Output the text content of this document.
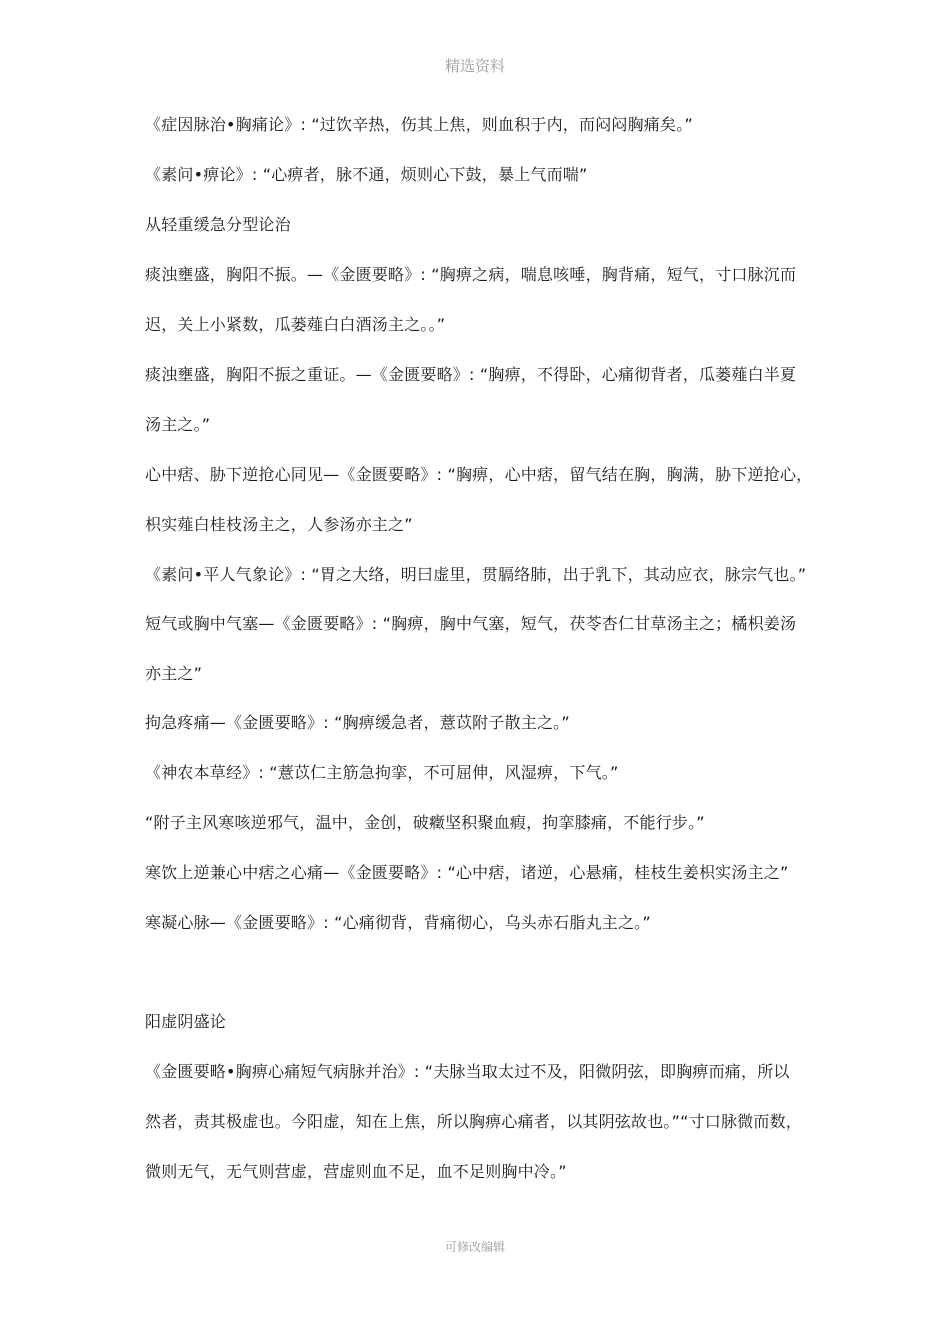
精选资料
《症因脉治•胸痛论》: “过饮辛热，伤其上焦，则血积于内，而闷闷胸痛矣。”
《素问•痹论》: “心痹者，脉不通，烦则心下鼓，暴上气而喘”
从轻重缓急分型论治
痰浊壅盛，胸阳不振。—《金匮要略》: “胸痹之病，喘息咳唾，胸背痛，短气，寸口脉沉而
迟，关上小紧数，瓜蒌薤白白酒汤主之。。”
痰浊壅盛，胸阳不振之重证。—《金匮要略》: “胸痹，不得卧，心痛彻背者，瓜蒌薤白半夏
汤主之。”
心中痞、胁下逆抢心同见—《金匮要略》: “胸痹，心中痞，留气结在胸，胸满，胁下逆抢心，
枳实薤白桂枝汤主之，人参汤亦主之”
《素问•平人气象论》: “胃之大络，明曰虚里，贯膈络肺，出于乳下，其动应衣，脉宗气也。”
短气或胸中气塞—《金匮要略》: “胸痹，胸中气塞，短气，茯苓杏仁甘草汤主之；橘枳姜汤
亦主之”
拘急疼痛—《金匮要略》: “胸痹缓急者，薏苡附子散主之。”
《神农本草经》: “薏苡仁主筋急拘挛，不可屈伸，风湿痹，下气。”
“附子主风寒咳逆邪气，温中，金创，破癥坚积聚血瘕，拘挛膝痛，不能行步。”
寒饮上逆兼心中痞之心痛—《金匮要略》: “心中痞，诸逆，心悬痛，桂枝生姜枳实汤主之”
寒凝心脉—《金匮要略》: “心痛彻背，背痛彻心，乌头赤石脂丸主之。”
阳虚阴盛论
《金匮要略•胸痹心痛短气病脉并治》: “夫脉当取太过不及，阳微阴弦，即胸痹而痛，所以
然者，责其极虚也。今阳虚，知在上焦，所以胸痹心痛者，以其阴弦故也。”“寸口脉微而数，
微则无气，无气则营虚，营虚则血不足，血不足则胸中冷。”
可修改编辑
